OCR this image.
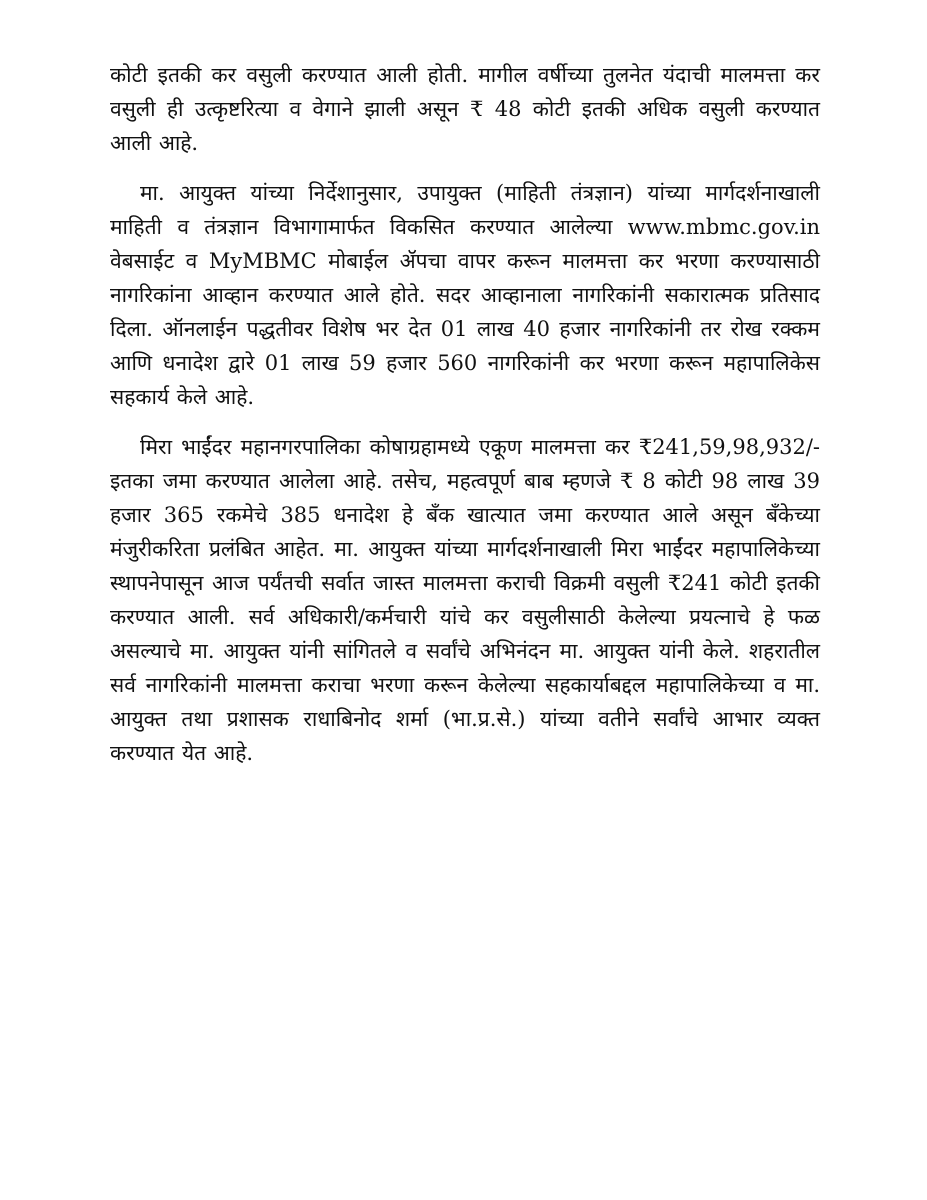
कोटी इतकी कर वसुली करण्यात आली होती. मागील वर्षीच्या तुलनेत यंदाची मालमत्ता कर वसुली ही उत्कृष्टरित्या व वेगाने झाली असून ₹ 48 कोटी इतकी अधिक वसुली करण्यात आली आहे.

मा. आयुक्त यांच्या निर्देशानुसार, उपायुक्त (माहिती तंत्रज्ञान) यांच्या मार्गदर्शनाखाली माहिती व तंत्रज्ञान विभागामार्फत विकसित करण्यात आलेल्या www.mbmc.gov.in वेबसाईट व MyMBMC मोबाईल ॲपचा वापर करून मालमत्ता कर भरणा करण्यासाठी नागरिकांना आव्हान करण्यात आले होते. सदर आव्हानाला नागरिकांनी सकारात्मक प्रतिसाद दिला. ऑनलाईन पद्धतीवर विशेष भर देत 01 लाख 40 हजार नागरिकांनी तर रोख रक्कम आणि धनादेश द्वारे 01 लाख 59 हजार 560 नागरिकांनी कर भरणा करून महापालिकेस सहकार्य केले आहे.

मिरा भाईंदर महानगरपालिका कोषाग्रहामध्ये एकूण मालमत्ता कर ₹241,59,98,932/- इतका जमा करण्यात आलेला आहे. तसेच, महत्वपूर्ण बाब म्हणजे ₹ 8 कोटी 98 लाख 39 हजार 365 रकमेचे 385 धनादेश हे बँक खात्यात जमा करण्यात आले असून बँकेच्या मंजुरीकरिता प्रलंबित आहेत. मा. आयुक्त यांच्या मार्गदर्शनाखाली मिरा भाईंदर महापालिकेच्या स्थापनेपासून आज पर्यंतची सर्वात जास्त मालमत्ता कराची विक्रमी वसुली ₹241 कोटी इतकी करण्यात आली. सर्व अधिकारी/कर्मचारी यांचे कर वसुलीसाठी केलेल्या प्रयत्नाचे हे फळ असल्याचे मा. आयुक्त यांनी सांगितले व सर्वांचे अभिनंदन मा. आयुक्त यांनी केले. शहरातील सर्व नागरिकांनी मालमत्ता कराचा भरणा करून केलेल्या सहकार्याबद्दल महापालिकेच्या व मा. आयुक्त तथा प्रशासक राधाबिनोद शर्मा (भा.प्र.से.) यांच्या वतीने सर्वांचे आभार व्यक्त करण्यात येत आहे.
